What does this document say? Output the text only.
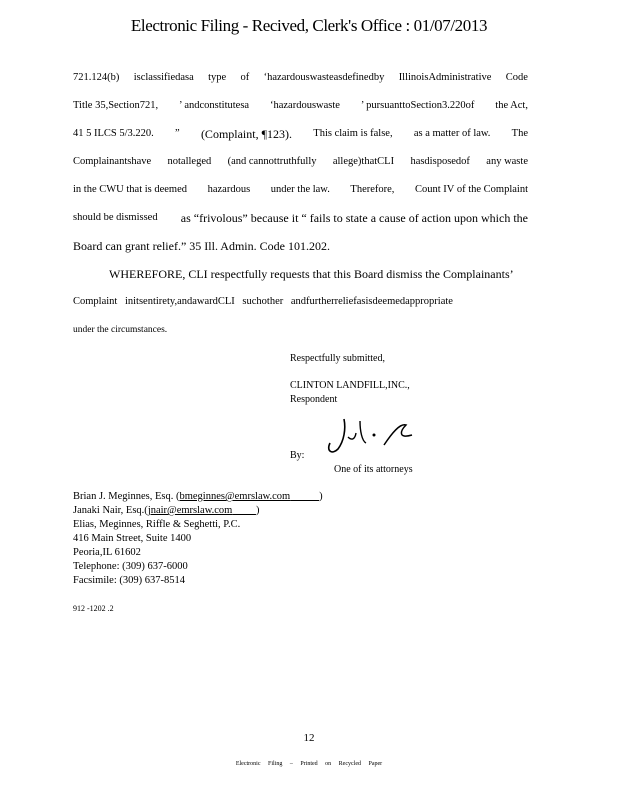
Electronic Filing - Recived, Clerk's Office : 01/07/2013
721.124(b) isclassifiedasa type of ‘hazardouswasteasdefinedby IllinoisAdministrative Code
Title 35,Section721, ’ andconstitutesa ‘hazardouswaste ’ pursuanttoSection3.220of the Act,
41 5 ILCS 5/3.220. ” (Complaint, ¶123). This claim is false, as a matter of law. The
Complainantshave notalleged (and cannottruthfully allege)thatCLI hasdisposedof any waste
in the CWU that is deemed hazardous under the law. Therefore, Count IV of the Complaint
should be dismissed as “frivolous” because it “ fails to state a cause of action upon which the
Board can grant relief.” 35 Ill. Admin. Code 101.202.
WHEREFORE, CLI respectfully requests that this Board dismiss the Complainants’
Complaint initsentirety,andawardCLI suchother andfurtherreliefasisdeemedappropriate
under the circumstances.
Respectfully submitted,
CLINTON LANDFILL,INC.,
Respondent
By:
One of its attorneys
Brian J. Meginnes, Esq. (bmeginnes@emrslaw.com	)
Janaki Nair, Esq.(jnair@emrslaw.com )
Elias, Meginnes, Riffle & Seghetti, P.C.
416 Main Street, Suite 1400
Peoria,IL 61602
Telephone: (309) 637-6000
Facsimile: (309) 637-8514
912 -1202 .2
12
Electronic Filing – Printed on Recycled Paper
